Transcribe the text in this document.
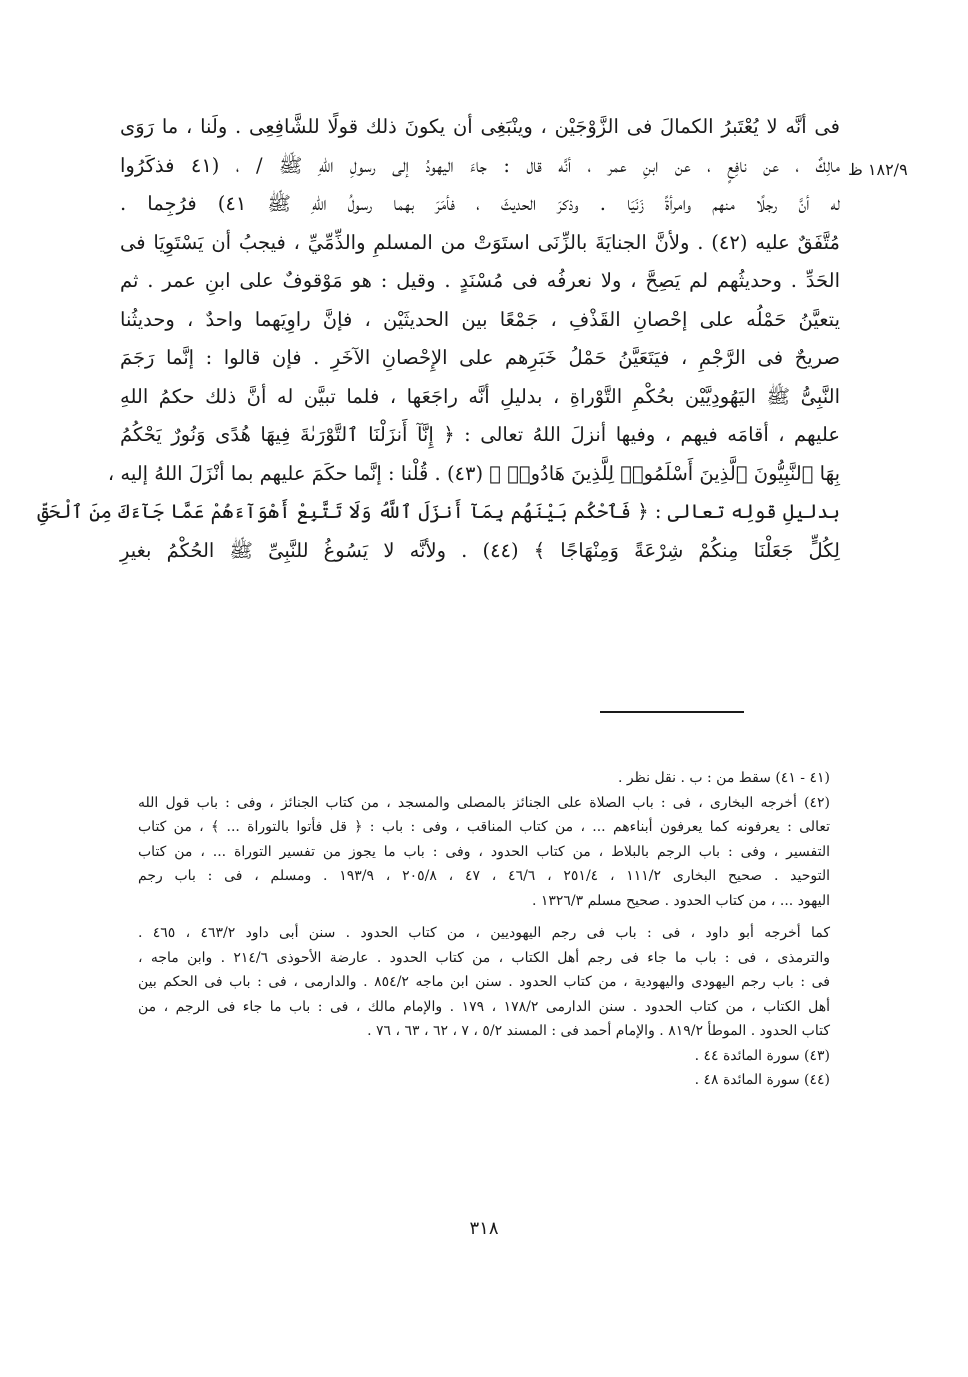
١٨٢/٩ ظ
فى أنَّه لا يُعْتَبرُ الكمالَ فى الزَّوْجَيْن ، وينْبَغِى أن يكونَ ذلك قولًا للشَّافِعِى . ولَنا ، ما رَوَى
مالِكٌ ، عن نافِعٍ ، عن ابنِ عمر ، أنَّه قال : جاءَ اليهودُ إلى رسولِ اللهِ ﷺ / ، (٤١ فذكَرُوا
له أنَّ رجلًا منهم وامرأةً زَنَيَا . وذكرَ الحديثَ ، فأمَرَ بهما رسولُ اللهِ ﷺ ٤١) فرُجِما .
مُتَّفَقٌ عليه (٤٢) . ولأنَّ الجنايَةَ بالزِّنَى استَوَتْ من المسلمِ والذِّمِّيِّ ، فيجبُ أن يَسْتَوِيَا فى
الحَدِّ . وحديثُهم لم يَصِحَّ ، ولا نعرفُه فى مُسْنَدٍ . وقيل : هو مَوْقوفٌ على ابنِ عمر . ثم
يتعيَّنُ حَمْلُه على إحْصانِ القَذْفِ ، جَمْعًا بين الحديثَيْن ، فإنَّ راوِيَهما واحدٌ ، وحديثُنا
صريحٌ فى الرَّجْمِ ، فيَتَعَيَّنُ حَمْلُ خَبَرِهم على الإِحْصانِ الآخَرِ . فإن قالوا : إنَّما رَجَمَ
النَّبِىُّ ﷺ اليَهُودِيَّيْن بحُكْمِ التَّوْراةِ ، بدليلِ أنَّه راجَعَها ، فلما تبيَّن له أنَّ ذلك حكمُ اللهِ
عليهم ، أقامَه فيهم ، وفيها أنزلَ اللهُ تعالى : ﴿ إِنَّآ أَنزَلْنَا ٱلتَّوْرَىٰةَ فِيهَا هُدًى وَنُورٌ يَحْكُمُ
بِهَا ٱلنَّبِيُّونَ ٱلَّذِينَ أَسْلَمُوا۟ لِلَّذِينَ هَادُوا۟ ﴾ (٤٣) . قُلْنا : إنَّما حكَمَ عليهم بما أنْزَلَ اللهُ إليه ،
بدليلِ قولِه تعالى : ﴿ فَٱحْكُم بَيْنَهُم بِمَآ أَنزَلَ ٱللَّهُ وَلَا تَتَّبِعْ أَهْوَآءَهُمْ عَمَّا جَآءَكَ مِنَ ٱلْحَقِّ
لِكُلٍّ جَعَلْنَا مِنكُمْ شِرْعَةً وَمِنْهَاجًا ﴾ (٤٤) . ولأنَّه لا يَسُوغُ للنَّبِىِّ ﷺ الحُكْمُ بغيرِ
(٤١ - ٤١) سقط من : ب . نقل نظر .
(٤٢) أخرجه البخارى ، فى : باب الصلاة على الجنائز بالمصلى والمسجد ، من كتاب الجنائز ، وفى : باب قول الله
تعالى : يعرفونه كما يعرفون أبناءهم ... ، من كتاب المناقب ، وفى : باب : ﴿ قل فأتوا بالتوراة ... ﴾ ، من كتاب
التفسير ، وفى : باب الرجم بالبلاط ، من كتاب الحدود ، وفى : باب ما يجوز من تفسير التوراة ... ، من كتاب
التوحيد . صحيح البخارى ١١١/٢ ، ٢٥١/٤ ، ٤٦/٦ ، ٤٧ ، ٢٠٥/٨ ، ١٩٣/٩ . ومسلم ، فى : باب رجم
اليهود ... ، من كتاب الحدود . صحيح مسلم ١٣٢٦/٣ .
كما أخرجه أبو داود ، فى : باب فى رجم اليهوديين ، من كتاب الحدود . سنن أبى داود ٤٦٣/٢ ، ٤٦٥ .
والترمذى ، فى : باب ما جاء فى رجم أهل الكتاب ، من كتاب الحدود . عارضة الأحوذى ٢١٤/٦ . وابن ماجه ،
فى : باب رجم اليهودى واليهودية ، من كتاب الحدود . سنن ابن ماجه ٨٥٤/٢ . والدارمى ، فى : باب فى الحكم بين
أهل الكتاب ، من كتاب الحدود . سنن الدارمى ١٧٨/٢ ، ١٧٩ . والإمام مالك ، فى : باب ما جاء فى الرجم ، من
كتاب الحدود . الموطأ ٨١٩/٢ . والإمام أحمد فى : المسند ٥/٢ ، ٧ ، ٦٢ ، ٦٣ ، ٧٦ .
(٤٣) سورة المائدة ٤٤ .
(٤٤) سورة المائدة ٤٨ .
٣١٨
